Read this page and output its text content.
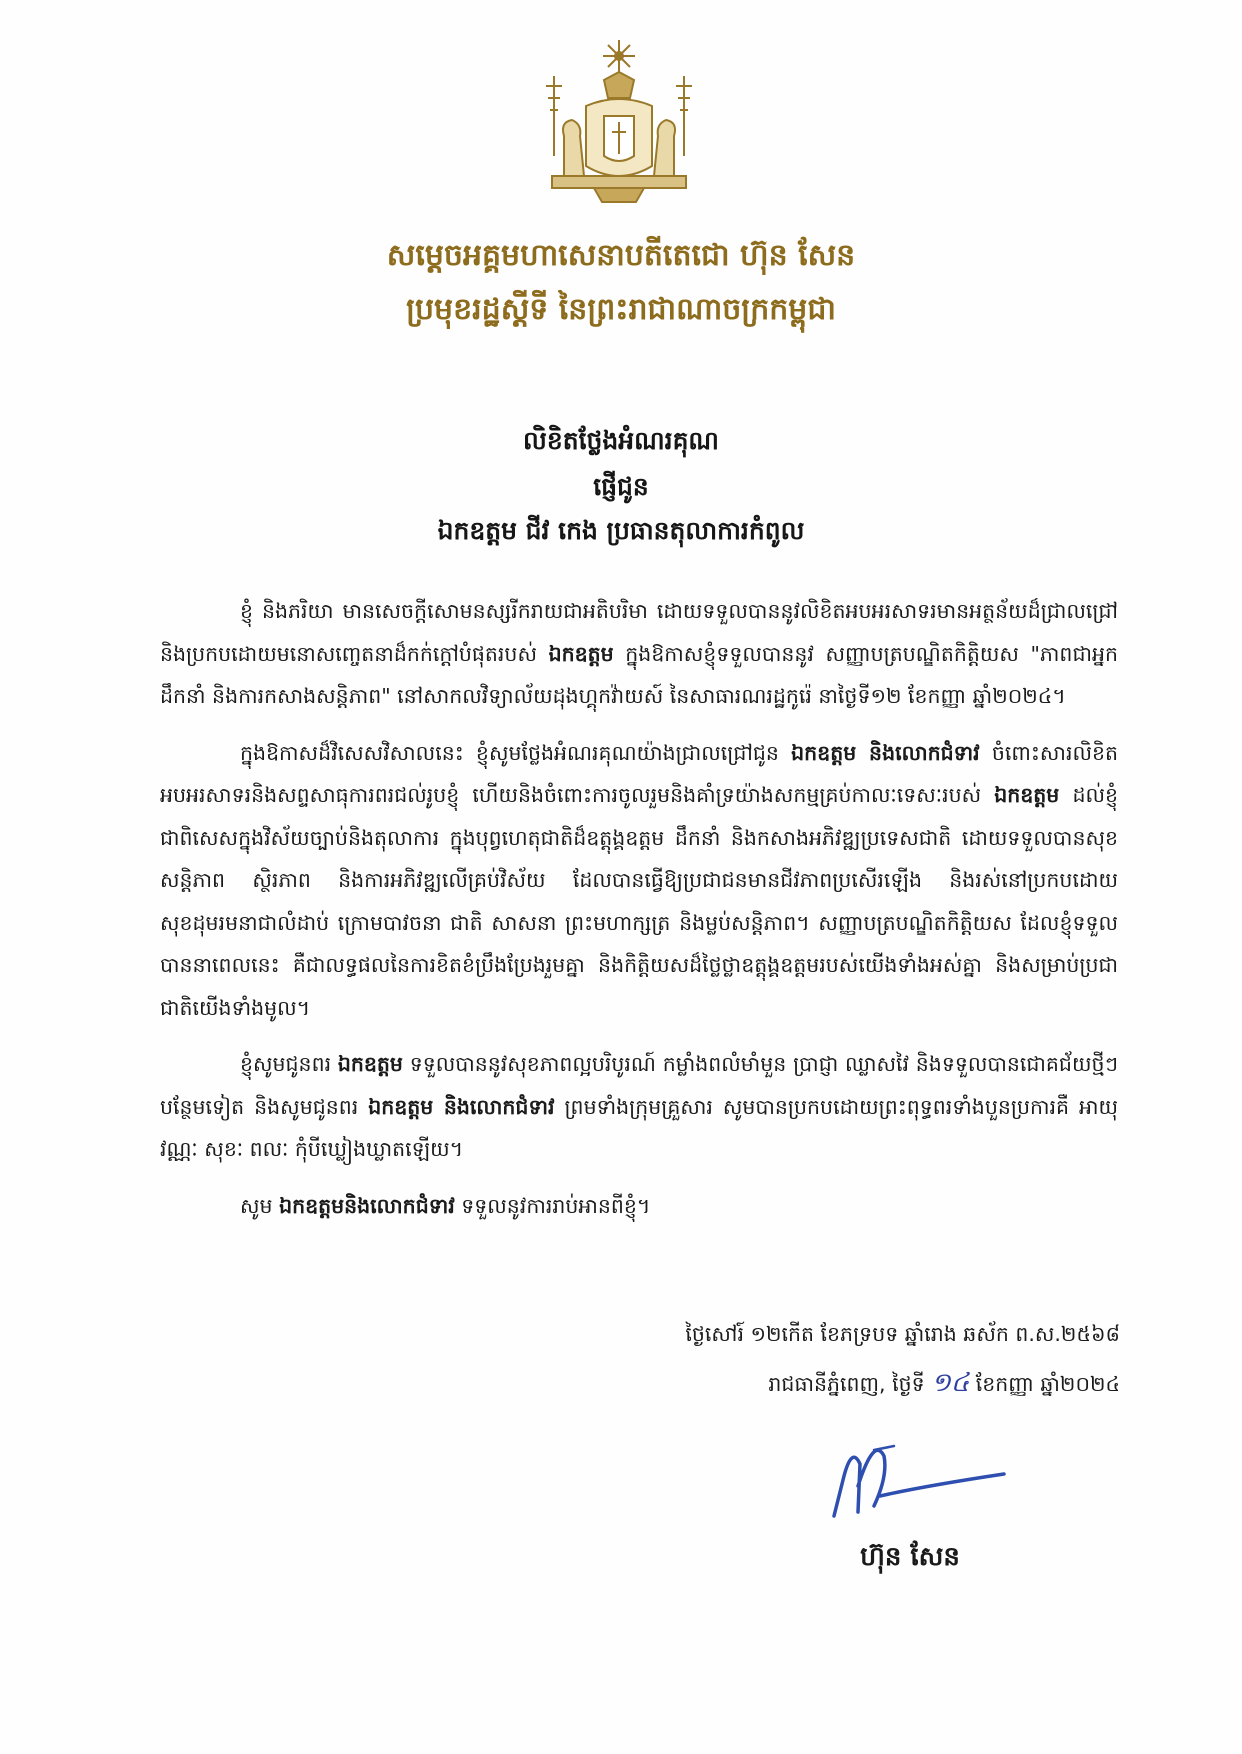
សម្តេចអគ្គមហាសេនាបតីតេជោ ហ៊ុន សែន
ប្រមុខរដ្ឋស្តីទី នៃព្រះរាជាណាចក្រកម្ពុជា
លិខិតថ្លែងអំណរគុណ
ផ្ញើជូន
ឯកឧត្តម ជីវ កេង ប្រធានតុលាការកំពូល

ខ្ញុំ និងភរិយា មានសេចក្តីសោមនស្សរីករាយជាអតិបរិមា ដោយទទួលបាននូវលិខិតអបអរសាទរមានអត្ថន័យដ៏ជ្រាលជ្រៅ និងប្រកបដោយមនោសញ្ចេតនាដ៏កក់ក្តៅបំផុតរបស់ ឯកឧត្តម ក្នុងឱកាសខ្ញុំទទួលបាននូវ សញ្ញាបត្របណ្ឌិតកិត្តិយស "ភាពជាអ្នកដឹកនាំ និងការកសាងសន្តិភាព" នៅសាកលវិទ្យាល័យដុងហ្គុកវ៉ាយស៍ នៃសាធារណរដ្ឋកូរ៉េ នាថ្ងៃទី១២ ខែកញ្ញា ឆ្នាំ២០២៤។

ក្នុងឱកាសដ៏វិសេសវិសាលនេះ ខ្ញុំសូមថ្លែងអំណរគុណយ៉ាងជ្រាលជ្រៅជូន ឯកឧត្តម និងលោកជំទាវ ចំពោះសារលិខិតអបអរសាទរនិងសព្ទសាធុការពរជល់រូបខ្ញុំ ហើយនិងចំពោះការចូលរួមនិងគាំទ្រយ៉ាងសកម្មគ្រប់កាលៈទេសៈរបស់ ឯកឧត្តម ដល់ខ្ញុំ ជាពិសេសក្នុងវិស័យច្បាប់និងតុលាការ ក្នុងបុព្វហេតុជាតិដ៏ឧត្តុង្គឧត្តម ដឹកនាំ និងកសាងអភិវឌ្ឍប្រទេសជាតិ ដោយទទួលបានសុខសន្តិភាព ស្ថិរភាព និងការអភិវឌ្ឍលើគ្រប់វិស័យ ដែលបានធ្វើឱ្យប្រជាជនមានជីវភាពប្រសើរឡើង និងរស់នៅប្រកបដោយសុខដុមរមនាជាលំដាប់ ក្រោមបាវចនា ជាតិ សាសនា ព្រះមហាក្សត្រ និងម្លប់សន្តិភាព។ សញ្ញាបត្របណ្ឌិតកិត្តិយស ដែលខ្ញុំទទួលបាននាពេលនេះ គឺជាលទ្ធផលនៃការខិតខំប្រឹងប្រែងរួមគ្នា និងកិត្តិយសដ៏ថ្លៃថ្លាឧត្តុង្គឧត្តមរបស់យើងទាំងអស់គ្នា និងសម្រាប់ប្រជាជាតិយើងទាំងមូល។

ខ្ញុំសូមជូនពរ ឯកឧត្តម ទទួលបាននូវសុខភាពល្អបរិបូរណ៍ កម្លាំងពលំមាំមួន ប្រាជ្ញា ឈ្លាសវៃ និងទទួលបានជោគជ័យថ្មីៗបន្ថែមទៀត និងសូមជូនពរ ឯកឧត្តម និងលោកជំទាវ ព្រមទាំងក្រុមគ្រួសារ សូមបានប្រកបដោយព្រះពុទ្ធពរទាំងបួនប្រការគឺ អាយុ វណ្ណៈ សុខៈ ពលៈ កុំបីឃ្លៀងឃ្លាតឡើយ។

សូម ឯកឧត្តមនិងលោកជំទាវ ទទួលនូវការរាប់អានពីខ្ញុំ។

ថ្ងៃសៅរ៍ ១២កើត ខែភទ្របទ ឆ្នាំរោង ឆស័ក ព.ស.២៥៦៨
រាជធានីភ្នំពេញ, ថ្ងៃទី ១៤ ខែកញ្ញា ឆ្នាំ២០២៤
ហ៊ុន សែន
